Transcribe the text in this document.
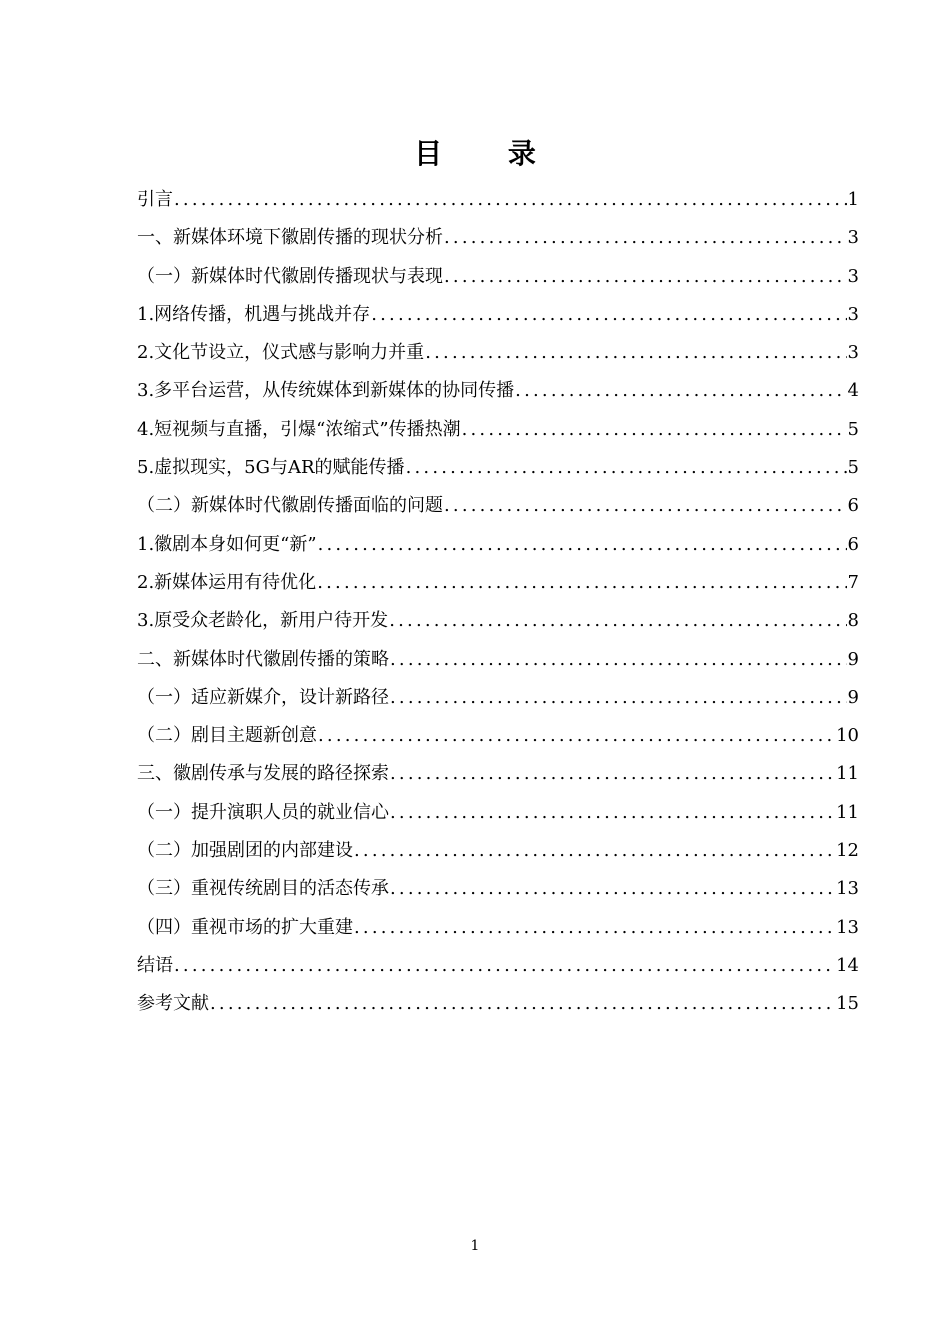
目 录
引言 .....	1
一、新媒体环境下徽剧传播的现状分析 .....	3
（一）新媒体时代徽剧传播现状与表现 .....	3
1.网络传播，机遇与挑战并存 .....	3
2.文化节设立，仪式感与影响力并重 .....	3
3.多平台运营，从传统媒体到新媒体的协同传播 .....	4
4.短视频与直播，引爆“浓缩式”传播热潮 .....	5
5.虚拟现实，5G与AR的赋能传播 .....	5
（二）新媒体时代徽剧传播面临的问题 .....	6
1.徽剧本身如何更“新” .....	6
2.新媒体运用有待优化 .....	7
3.原受众老龄化，新用户待开发 .....	8
二、新媒体时代徽剧传播的策略 .....	9
（一）适应新媒介，设计新路径 .....	9
（二）剧目主题新创意 .....	10
三、徽剧传承与发展的路径探索 .....	11
（一）提升演职人员的就业信心 .....	11
（二）加强剧团的内部建设 .....	12
（三）重视传统剧目的活态传承 .....	13
（四）重视市场的扩大重建 .....	13
结语 .....	14
参考文献 .....	15
1
